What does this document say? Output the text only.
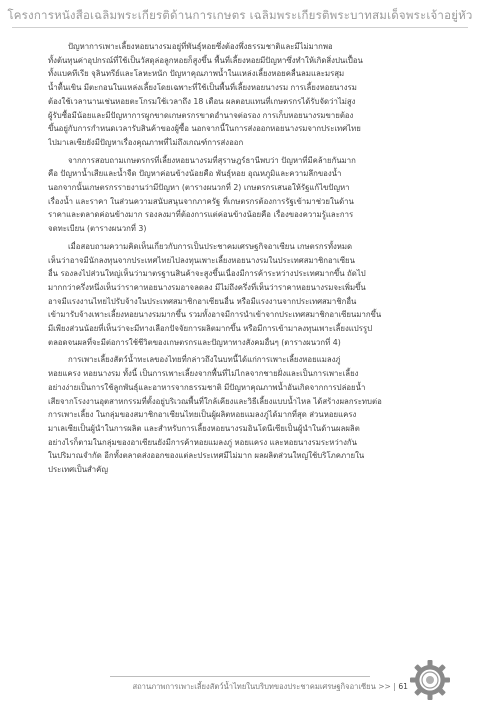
โครงการหนังสือเฉลิมพระเกียรติด้านการเกษตร เฉลิมพระเกียรติพระบาทสมเด็จพระเจ้าอยู่หัว

ปัญหาการเพาะเลี้ยงหอยนางรมอยู่ที่พันธุ์หอยซึ่งต้องพึ่งธรรมชาติและมีไม่มากพอ
ทั้งต้นทุนค่าอุปกรณ์ที่ใช้เป็นวัสดุล่อลูกหอยก็สูงขึ้น พื้นที่เลี้ยงหอยมีปัญหาซึ่งทำให้เกิดสิ่งปนเปื้อน
ทั้งแบคทีเรีย จุลินทรีย์และโลหะหนัก ปัญหาคุณภาพน้ำในแหล่งเลี้ยงหอยคลื่นลมและมรสุม
น้ำตื้นเขิน มีตะกอนในแหล่งเลี้ยงโดยเฉพาะที่ใช้เป็นพื้นที่เลี้ยงหอยนางรม การเลี้ยงหอยนางรม
ต้องใช้เวลานานเช่นหอยตะโกรมใช้เวลาถึง 18 เดือน ผลตอบแทนที่เกษตรกรได้รับจัดว่าไม่สูง
ผู้รับซื้อมีน้อยและมีปัญหาการผูกขาดเกษตรกรขาดอำนาจต่อรอง การเก็บหอยนางรมขายต้อง
ขึ้นอยู่กับการกำหนดเวลารับสินค้าของผู้ซื้อ นอกจากนี้ในการส่งออกหอยนางรมจากประเทศไทย
ไปมาเลเซียยังมีปัญหาเรื่องคุณภาพที่ไม่ถึงเกณฑ์การส่งออก

จากการสอบถามเกษตรกรที่เลี้ยงหอยนางรมที่สุราษฎร์ธานีพบว่า ปัญหาที่มีคล้ายกันมาก
คือ ปัญหาน้ำเสียและน้ำจืด ปัญหาค่อนข้างน้อยคือ พันธุ์หอย อุณหภูมิและความลึกของน้ำ
นอกจากนั้นเกษตรกรรายงานว่ามีปัญหา (ตารางผนวกที่ 2) เกษตรกรเสนอให้รัฐแก้ไขปัญหา
เรื่องน้ำ และราคา ในส่วนความสนับสนุนจากภาครัฐ ที่เกษตรกรต้องการรัฐเข้ามาช่วยในด้าน
ราคาและตลาดค่อนข้างมาก รองลงมาที่ต้องการแต่ค่อนข้างน้อยคือ เรื่องของความรู้และการ
จดทะเบียน (ตารางผนวกที่ 3)

เมื่อสอบถามความคิดเห็นเกี่ยวกับการเป็นประชาคมเศรษฐกิจอาเซียน เกษตรกรทั้งหมด
เห็นว่าอาจมีนักลงทุนจากประเทศไทยไปลงทุนเพาะเลี้ยงหอยนางรมในประเทศสมาชิกอาเซียน
อื่น รองลงไปส่วนใหญ่เห็นว่ามาตรฐานสินค้าจะสูงขึ้นเนื่องมีการค้าระหว่างประเทศมากขึ้น ถัดไป
มากกว่าครึ่งหนึ่งเห็นว่าราคาหอยนางรมอาจลดลง มีไม่ถึงครึ่งที่เห็นว่าราคาหอยนางรมจะเพิ่มขึ้น
อาจมีแรงงานไทยไปรับจ้างในประเทศสมาชิกอาเซียนอื่น หรือมีแรงงานจากประเทศสมาชิกอื่น
เข้ามารับจ้างเพาะเลี้ยงหอยนางรมมากขึ้น รวมทั้งอาจมีการนำเข้าจากประเทศสมาชิกอาเซียนมากขึ้น
มีเพียงส่วนน้อยที่เห็นว่าจะมีทางเลือกปัจจัยการผลิตมากขึ้น หรือมีการเข้ามาลงทุนเพาะเลี้ยงแปรรูป
ตลอดจนผลที่จะมีต่อการใช้ชีวิตของเกษตรกรและปัญหาทางสังคมอื่นๆ (ตารางผนวกที่ 4)

การเพาะเลี้ยงสัตว์น้ำทะเลของไทยที่กล่าวถึงในบทนี้ได้แก่การเพาะเลี้ยงหอยแมลงภู่
หอยแครง หอยนางรม ทั้งนี้ เป็นการเพาะเลี้ยงจากพื้นที่ไม่ไกลจากชายฝั่งและเป็นการเพาะเลี้ยง
อย่างง่ายเป็นการใช้ลูกพันธุ์และอาหารจากธรรมชาติ มีปัญหาคุณภาพน้ำอันเกิดจากการปล่อยน้ำ
เสียจากโรงงานอุตสาหกรรมที่ตั้งอยู่บริเวณพื้นที่ใกล้เคียงและวิธีเลี้ยงแบบน้ำไหล ได้สร้างผลกระทบต่อ
การเพาะเลี้ยง ในกลุ่มของสมาชิกอาเซียนไทยเป็นผู้ผลิตหอยแมลงภู่ได้มากที่สุด ส่วนหอยแครง
มาเลเซียเป็นผู้นำในการผลิต และสำหรับการเลี้ยงหอยนางรมอินโดนีเซียเป็นผู้นำในด้านผลผลิต
อย่างไรก็ตามในกลุ่มของอาเซียนยังมีการค้าหอยแมลงภู่ หอยแครง และหอยนางรมระหว่างกัน
ในปริมาณจำกัด อีกทั้งตลาดส่งออกของแต่ละประเทศมีไม่มาก ผลผลิตส่วนใหญ่ใช้บริโภคภายใน
ประเทศเป็นสำคัญ

สถานภาพการเพาะเลี้ยงสัตว์น้ำไทยในบริบทของประชาคมเศรษฐกิจอาเซียน >> | 61
